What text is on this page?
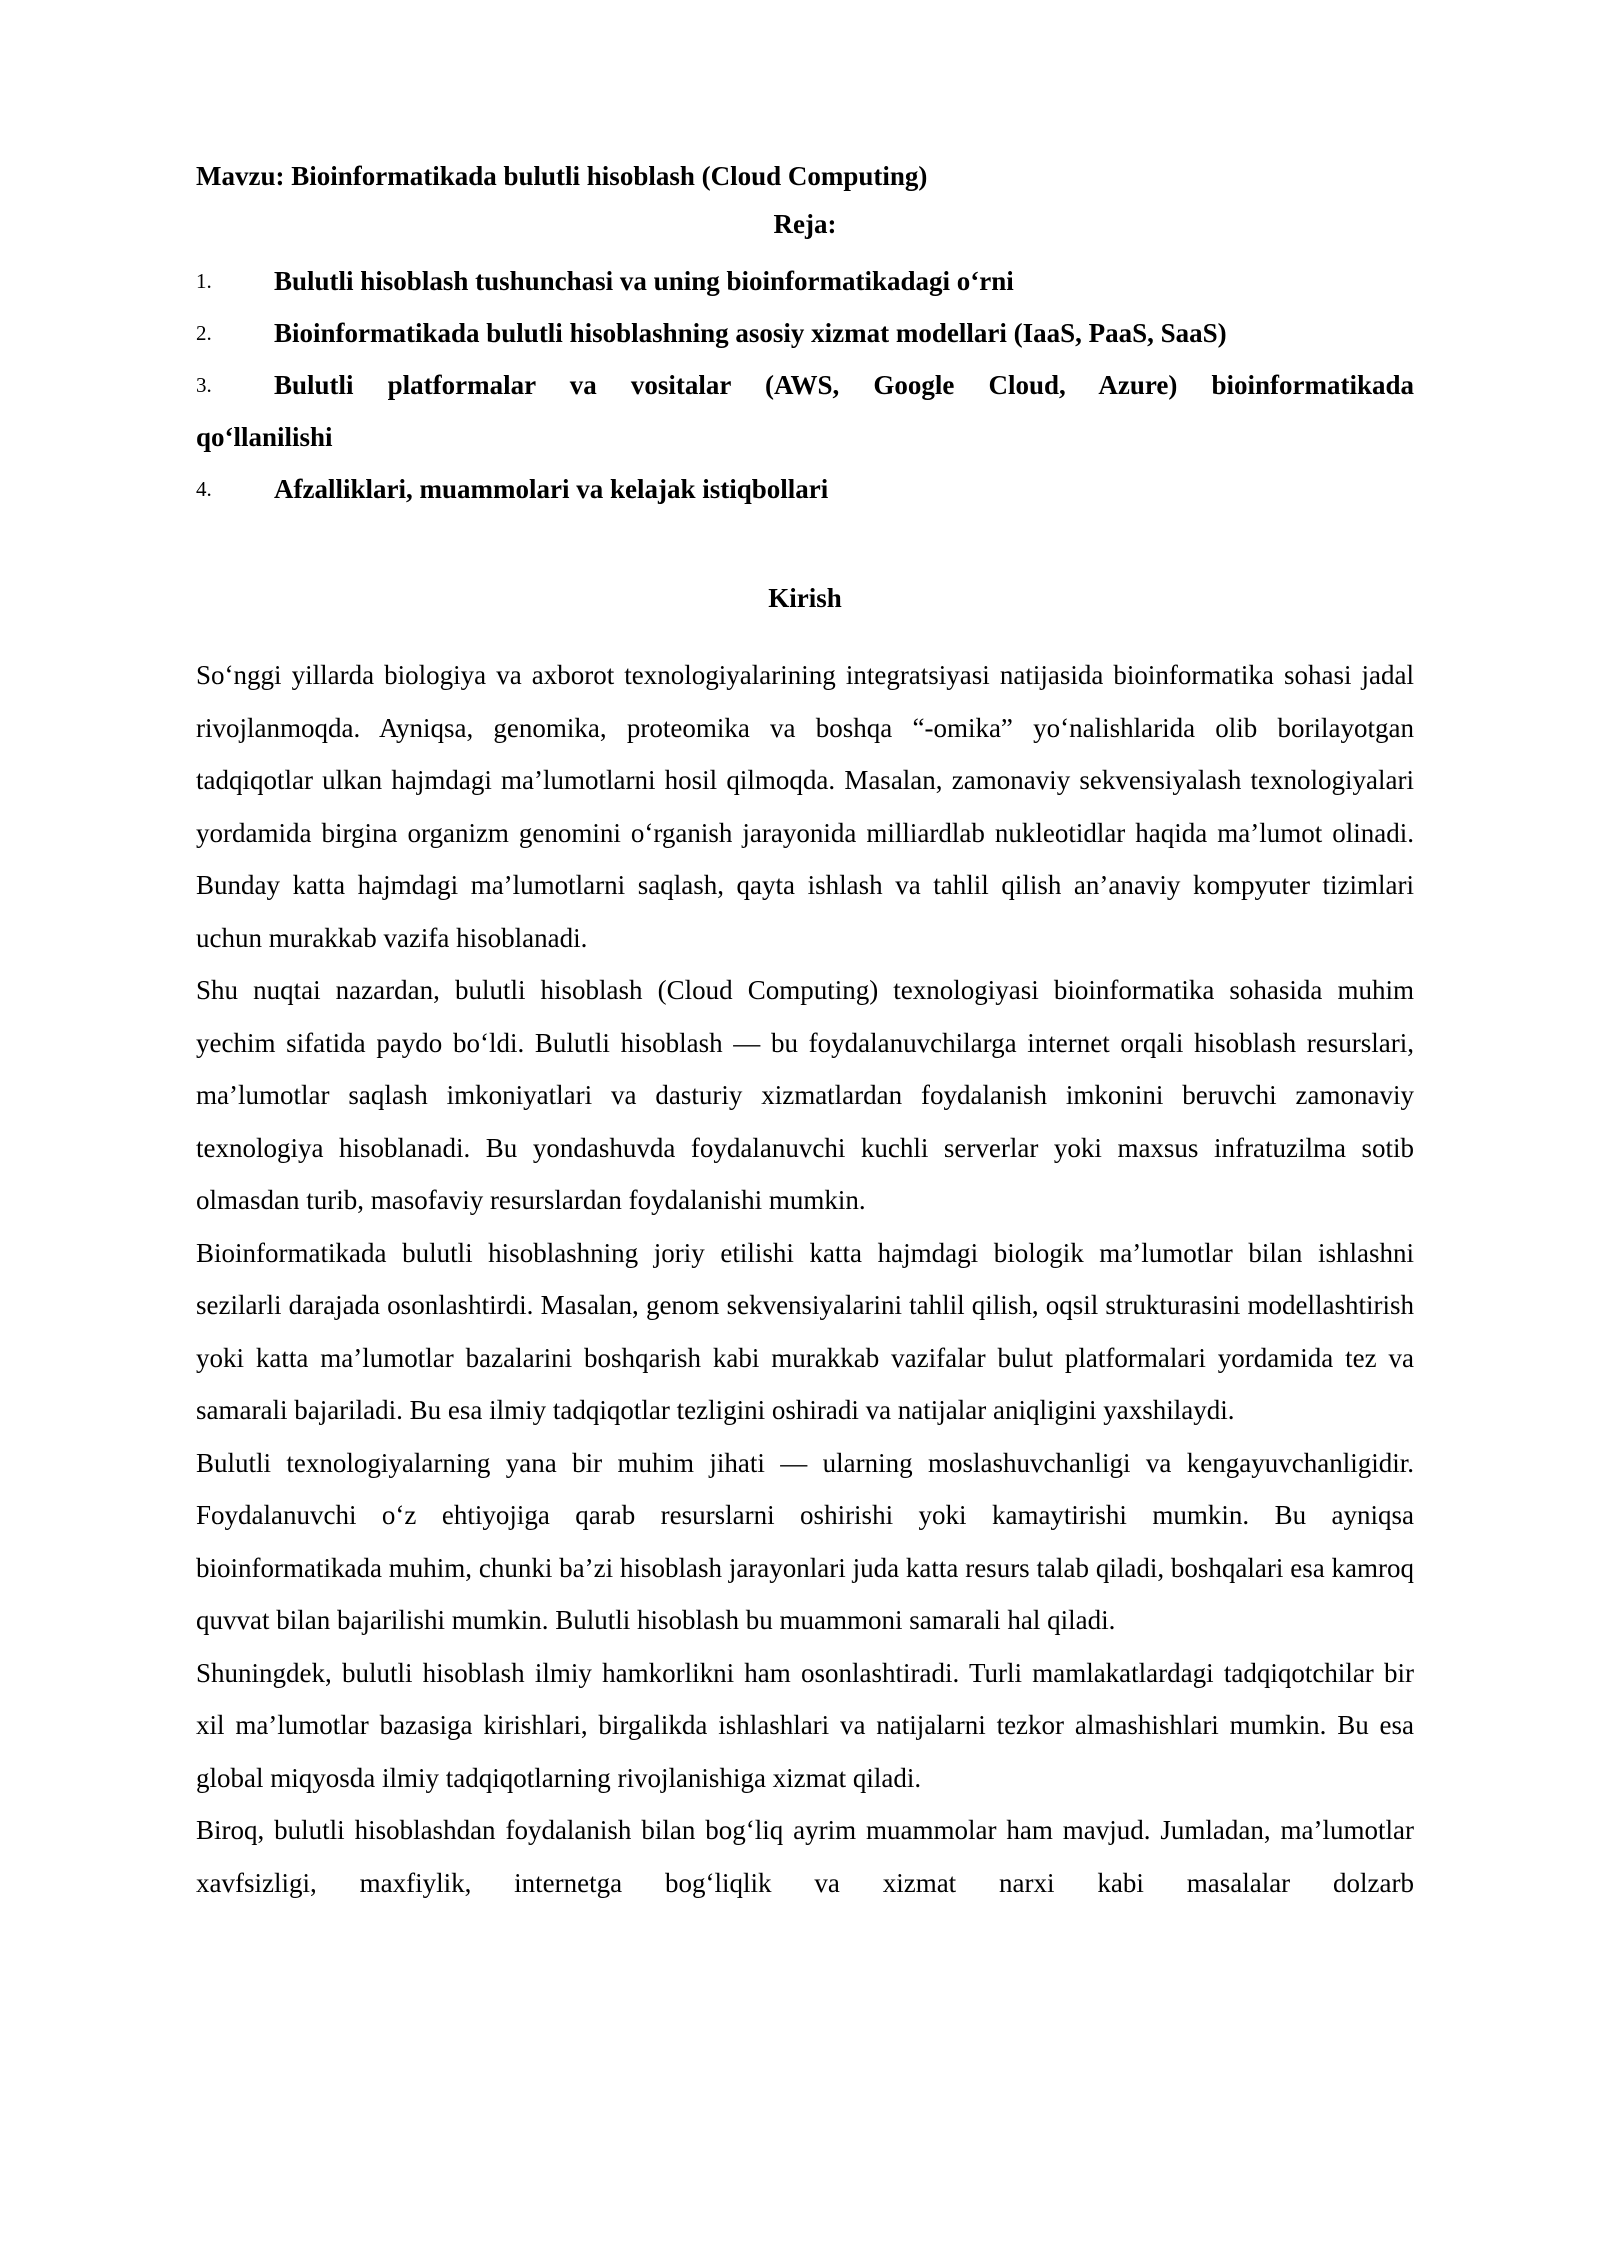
Mavzu: Bioinformatikada bulutli hisoblash (Cloud Computing)
Reja:
1.	Bulutli hisoblash tushunchasi va uning bioinformatikadagi o‘rni
2.	Bioinformatikada bulutli hisoblashning asosiy xizmat modellari (IaaS, PaaS, SaaS)
3.	Bulutli platformalar va vositalar (AWS, Google Cloud, Azure) bioinformatikada
qo‘llanilishi
4.	Afzalliklari, muammolari va kelajak istiqbollari
Kirish

So‘nggi yillarda biologiya va axborot texnologiyalarining integratsiyasi natijasida bioinformatika sohasi jadal rivojlanmoqda. Ayniqsa, genomika, proteomika va boshqa “-omika” yo‘nalishlarida olib borilayotgan tadqiqotlar ulkan hajmdagi ma’lumotlarni hosil qilmoqda. Masalan, zamonaviy sekvensiyalash texnologiyalari yordamida birgina organizm genomini o‘rganish jarayonida milliardlab nukleotidlar haqida ma’lumot olinadi. Bunday katta hajmdagi ma’lumotlarni saqlash, qayta ishlash va tahlil qilish an’anaviy kompyuter tizimlari uchun murakkab vazifa hisoblanadi.

Shu nuqtai nazardan, bulutli hisoblash (Cloud Computing) texnologiyasi bioinformatika sohasida muhim yechim sifatida paydo bo‘ldi. Bulutli hisoblash — bu foydalanuvchilarga internet orqali hisoblash resurslari, ma’lumotlar saqlash imkoniyatlari va dasturiy xizmatlardan foydalanish imkonini beruvchi zamonaviy texnologiya hisoblanadi. Bu yondashuvda foydalanuvchi kuchli serverlar yoki maxsus infratuzilma sotib olmasdan turib, masofaviy resurslardan foydalanishi mumkin.

Bioinformatikada bulutli hisoblashning joriy etilishi katta hajmdagi biologik ma’lumotlar bilan ishlashni sezilarli darajada osonlashtirdi. Masalan, genom sekvensiyalarini tahlil qilish, oqsil strukturasini modellashtirish yoki katta ma’lumotlar bazalarini boshqarish kabi murakkab vazifalar bulut platformalari yordamida tez va samarali bajariladi. Bu esa ilmiy tadqiqotlar tezligini oshiradi va natijalar aniqligini yaxshilaydi.

Bulutli texnologiyalarning yana bir muhim jihati — ularning moslashuvchanligi va kengayuvchanligidir. Foydalanuvchi o‘z ehtiyojiga qarab resurslarni oshirishi yoki kamaytirishi mumkin. Bu ayniqsa bioinformatikada muhim, chunki ba’zi hisoblash jarayonlari juda katta resurs talab qiladi, boshqalari esa kamroq quvvat bilan bajarilishi mumkin. Bulutli hisoblash bu muammoni samarali hal qiladi.

Shuningdek, bulutli hisoblash ilmiy hamkorlikni ham osonlashtiradi. Turli mamlakatlardagi tadqiqotchilar bir xil ma’lumotlar bazasiga kirishlari, birgalikda ishlashlari va natijalarni tezkor almashishlari mumkin. Bu esa global miqyosda ilmiy tadqiqotlarning rivojlanishiga xizmat qiladi.

Biroq, bulutli hisoblashdan foydalanish bilan bog‘liq ayrim muammolar ham mavjud. Jumladan, ma’lumotlar xavfsizligi, maxfiylik, internetga bog‘liqlik va xizmat narxi kabi masalalar dolzarb
